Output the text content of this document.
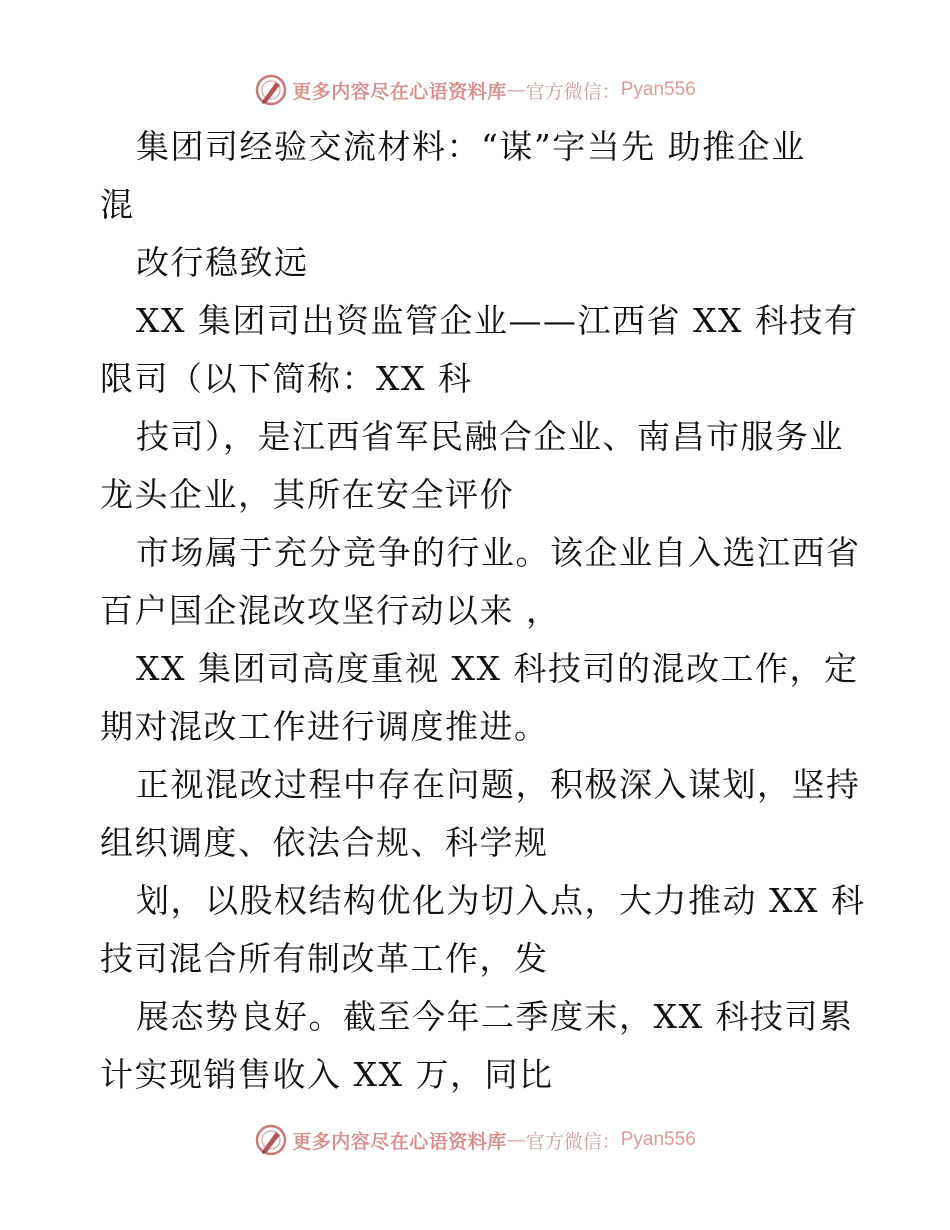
更多内容尽在心语资料库 — 官方微信： Pyan556
集团司经验交流材料：“谋”字当先 助推企业
混
改行稳致远
XX 集团司出资监管企业——江西省 XX 科技有
限司（以下简称：XX 科
技司），是江西省军民融合企业、南昌市服务业
龙头企业，其所在安全评价
市场属于充分竞争的行业。该企业自入选江西省
百户国企混改攻坚行动以来 ，
XX 集团司高度重视 XX 科技司的混改工作，定
期对混改工作进行调度推进。
正视混改过程中存在问题，积极深入谋划，坚持
组织调度、依法合规、科学规
划，以股权结构优化为切入点，大力推动 XX 科
技司混合所有制改革工作，发
展态势良好。截至今年二季度末，XX 科技司累
计实现销售收入 XX 万，同比
更多内容尽在心语资料库 — 官方微信： Pyan556
